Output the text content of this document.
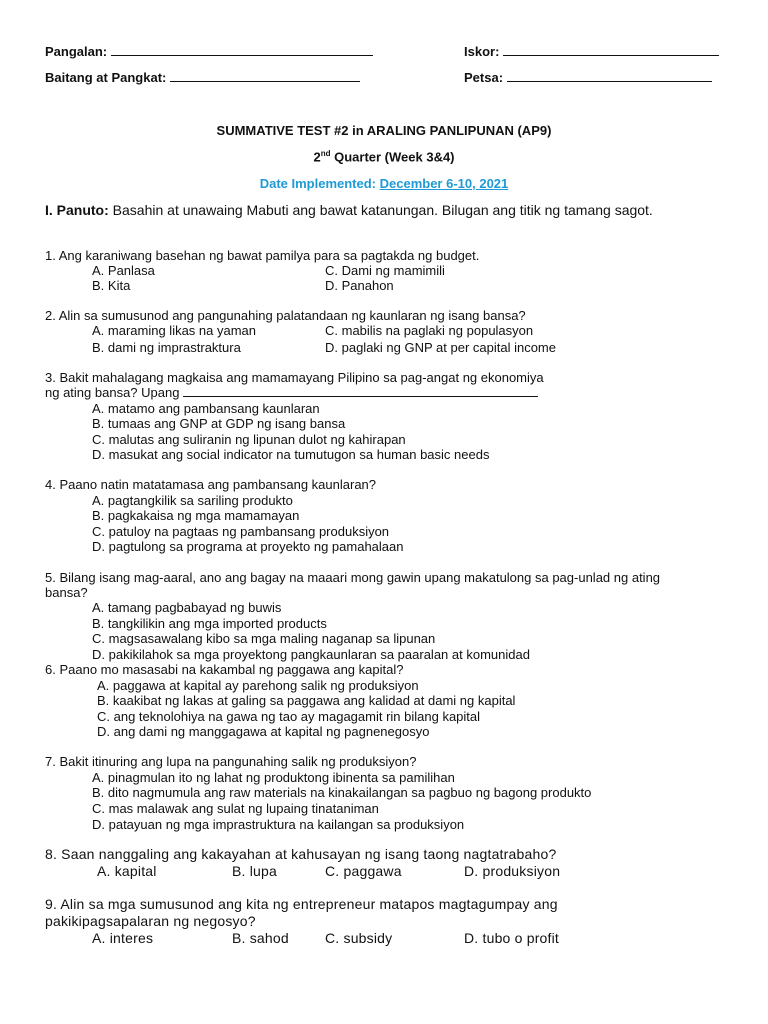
Pangalan:	Iskor:
Baitang at Pangkat:	Petsa:
SUMMATIVE TEST #2 in ARALING PANLIPUNAN (AP9)
2nd Quarter (Week 3&4)
Date Implemented: December 6-10, 2021
I. Panuto: Basahin at unawaing Mabuti ang bawat katanungan. Bilugan ang titik ng tamang sagot.
1. Ang karaniwang basehan ng bawat pamilya para sa pagtakda ng budget.
A. Panlasa	C. Dami ng mamimili
B. Kita	D. Panahon
2. Alin sa sumusunod ang pangunahing palatandaan ng kaunlaran ng isang bansa?
A. maraming likas na yaman	C. mabilis na paglaki ng populasyon
B. dami ng imprastraktura	D. paglaki ng GNP at per capital income
3. Bakit mahalagang magkaisa ang mamamayang Pilipino sa pag-angat ng ekonomiya
ng ating bansa? Upang
A. matamo ang pambansang kaunlaran
B. tumaas ang GNP at GDP ng isang bansa
C. malutas ang suliranin ng lipunan dulot ng kahirapan
D. masukat ang social indicator na tumutugon sa human basic needs
4. Paano natin matatamasa ang pambansang kaunlaran?
A. pagtangkilik sa sariling produkto
B. pagkakaisa ng mga mamamayan
C. patuloy na pagtaas ng pambansang produksiyon
D. pagtulong sa programa at proyekto ng pamahalaan
5. Bilang isang mag-aaral, ano ang bagay na maaari mong gawin upang makatulong sa pag-unlad ng ating
bansa?
A. tamang pagbabayad ng buwis
B. tangkilikin ang mga imported products
C. magsasawalang kibo sa mga maling naganap sa lipunan
D. pakikilahok sa mga proyektong pangkaunlaran sa paaralan at komunidad
6. Paano mo masasabi na kakambal ng paggawa ang kapital?
A. paggawa at kapital ay parehong salik ng produksiyon
B. kaakibat ng lakas at galing sa paggawa ang kalidad at dami ng kapital
C. ang teknolohiya na gawa ng tao ay magagamit rin bilang kapital
D. ang dami ng manggagawa at kapital ng pagnenegosyo
7. Bakit itinuring ang lupa na pangunahing salik ng produksiyon?
A. pinagmulan ito ng lahat ng produktong ibinenta sa pamilihan
B. dito nagmumula ang raw materials na kinakailangan sa pagbuo ng bagong produkto
C. mas malawak ang sulat ng lupaing tinataniman
D. patayuan ng mga imprastruktura na kailangan sa produksiyon
8. Saan nanggaling ang kakayahan at kahusayan ng isang taong nagtatrabaho?
A. kapital	B. lupa	C. paggawa	D. produksiyon
9. Alin sa mga sumusunod ang kita ng entrepreneur matapos magtagumpay ang
pakikipagsapalaran ng negosyo?
A. interes	B. sahod	C. subsidy	D. tubo o profit
